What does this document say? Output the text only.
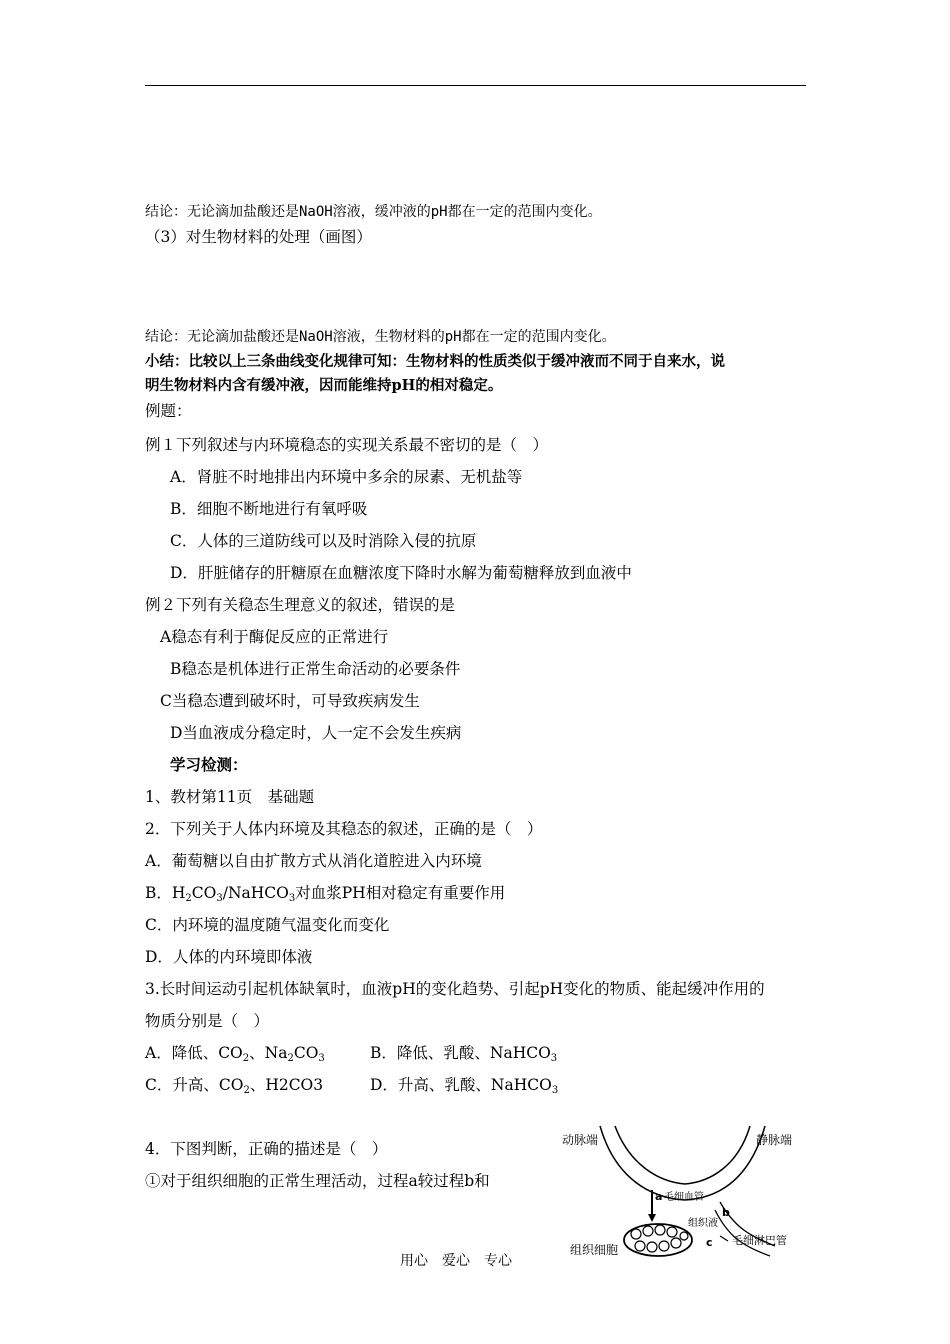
结论：无论滴加盐酸还是NaOH溶液，缓冲液的pH都在一定的范围内变化。
（3）对生物材料的处理（画图）
结论：无论滴加盐酸还是NaOH溶液，生物材料的pH都在一定的范围内变化。
小结：比较以上三条曲线变化规律可知：生物材料的性质类似于缓冲液而不同于自来水，说
明生物材料内含有缓冲液，因而能维持pH的相对稳定。
例题：
例１下列叙述与内环境稳态的实现关系最不密切的是（　）
A．肾脏不时地排出内环境中多余的尿素、无机盐等
B．细胞不断地进行有氧呼吸
C．人体的三道防线可以及时消除入侵的抗原
D．肝脏储存的肝糖原在血糖浓度下降时水解为葡萄糖释放到血液中
例２下列有关稳态生理意义的叙述，错误的是
A稳态有利于酶促反应的正常进行
B稳态是机体进行正常生命活动的必要条件
C当稳态遭到破坏时，可导致疾病发生
D当血液成分稳定时，人一定不会发生疾病
学习检测：
1、教材第11页　基础题
2．下列关于人体内环境及其稳态的叙述，正确的是（　）
A．葡萄糖以自由扩散方式从消化道腔进入内环境
B．$H_2CO_3/NaHCO_3$对血浆PH相对稳定有重要作用
C．内环境的温度随气温变化而变化
D．人体的内环境即体液
3.长时间运动引起机体缺氧时，血液pH的变化趋势、引起pH变化的物质、能起缓冲作用的
物质分别是（　）
A．降低、$CO_2$、$Na_2CO_3$	B．降低、乳酸、NaHCO$_3$
C．升高、$CO_2$、H2CO3	D．升高、乳酸、NaHCO$_3$
4．下图判断，正确的描述是（　）
①对于组织细胞的正常生理活动，过程a较过程b和
动脉端	静脉端
a 毛细血管
b
组织液
c 毛细淋巴管
组织细胞
用心　爱心　专心
